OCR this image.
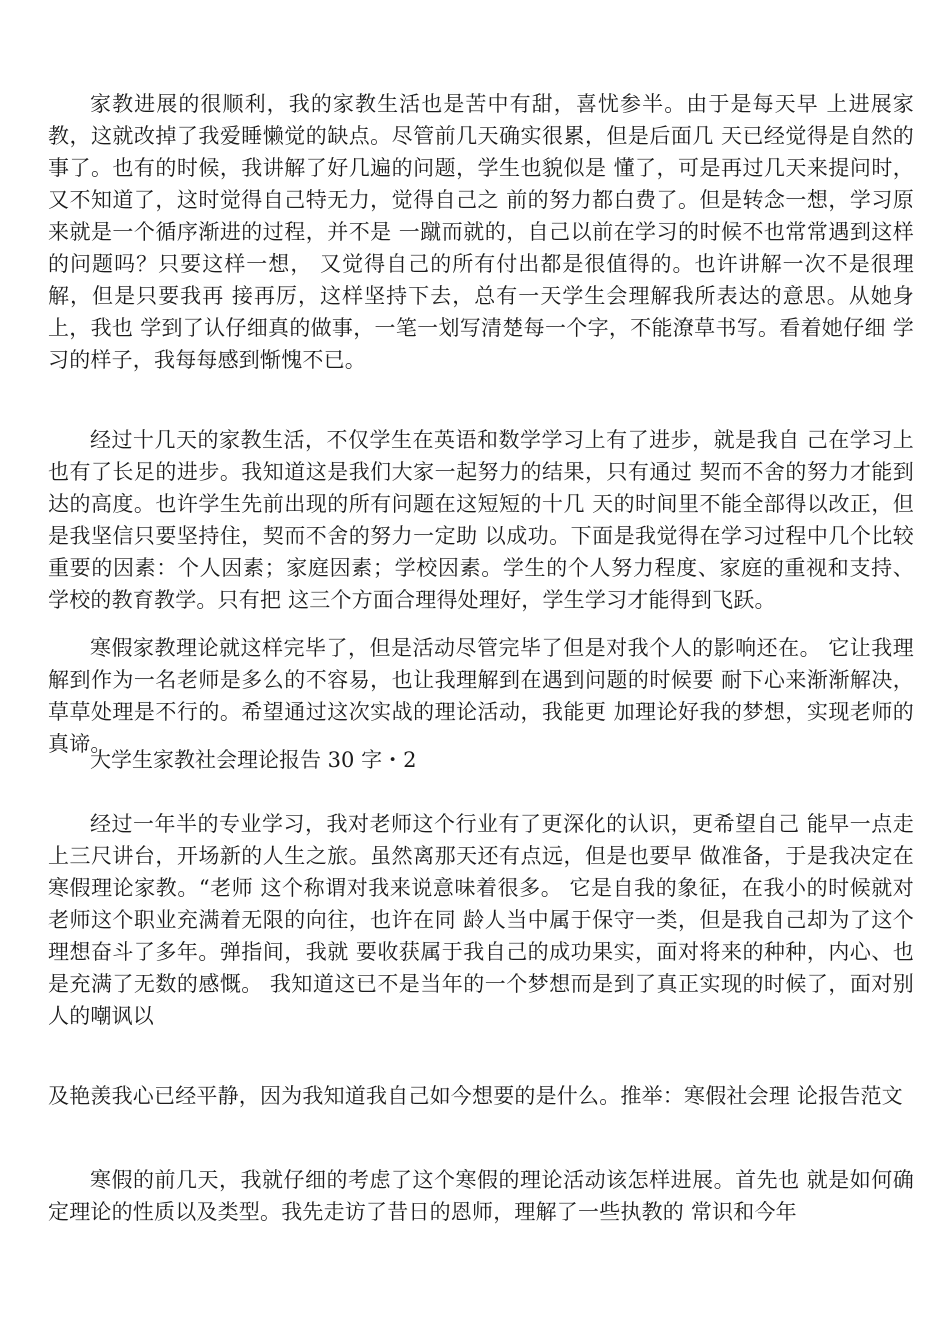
家教进展的很顺利，我的家教生活也是苦中有甜，喜忧参半。由于是每天早 上进展家教，这就改掉了我爱睡懒觉的缺点。尽管前几天确实很累，但是后面几 天已经觉得是自然的事了。也有的时候，我讲解了好几遍的问题，学生也貌似是 懂了，可是再过几天来提问时，又不知道了，这时觉得自己特无力，觉得自己之 前的努力都白费了。但是转念一想，学习原来就是一个循序渐进的过程，并不是 一蹴而就的，自己以前在学习的时候不也常常遇到这样的问题吗？只要这样一想， 又觉得自己的所有付出都是很值得的。也许讲解一次不是很理解，但是只要我再 接再厉，这样坚持下去，总有一天学生会理解我所表达的意思。从她身上，我也 学到了认仔细真的做事，一笔一划写清楚每一个字，不能潦草书写。看着她仔细 学习的样子，我每每感到惭愧不已。

经过十几天的家教生活，不仅学生在英语和数学学习上有了进步，就是我自 己在学习上也有了长足的进步。我知道这是我们大家一起努力的结果，只有通过 契而不舍的努力才能到达的高度。也许学生先前出现的所有问题在这短短的十几 天的时间里不能全部得以改正，但是我坚信只要坚持住，契而不舍的努力一定助 以成功。下面是我觉得在学习过程中几个比较重要的因素：个人因素；家庭因素；学校因素。学生的个人努力程度、家庭的重视和支持、学校的教育教学。只有把 这三个方面合理得处理好，学生学习才能得到飞跃。

寒假家教理论就这样完毕了，但是活动尽管完毕了但是对我个人的影响还在。 它让我理解到作为一名老师是多么的不容易，也让我理解到在遇到问题的时候要 耐下心来渐渐解决，草草处理是不行的。希望通过这次实战的理论活动，我能更 加理论好我的梦想，实现老师的真谛。

大学生家教社会理论报告 30 字・2

经过一年半的专业学习，我对老师这个行业有了更深化的认识，更希望自己 能早一点走上三尺讲台，开场新的人生之旅。虽然离那天还有点远，但是也要早 做准备，于是我决定在寒假理论家教。“老师 这个称谓对我来说意味着很多。 它是自我的象征，在我小的时候就对老师这个职业充满着无限的向往，也许在同 龄人当中属于保守一类，但是我自己却为了这个理想奋斗了多年。弹指间，我就 要收获属于我自己的成功果实，面对将来的种种，内心、也是充满了无数的感慨。 我知道这已不是当年的一个梦想而是到了真正实现的时候了，面对别人的嘲讽以

及艳羡我心已经平静，因为我知道我自己如今想要的是什么。推举：寒假社会理 论报告范文

寒假的前几天，我就仔细的考虑了这个寒假的理论活动该怎样进展。首先也 就是如何确定理论的性质以及类型。我先走访了昔日的恩师，理解了一些执教的 常识和今年
